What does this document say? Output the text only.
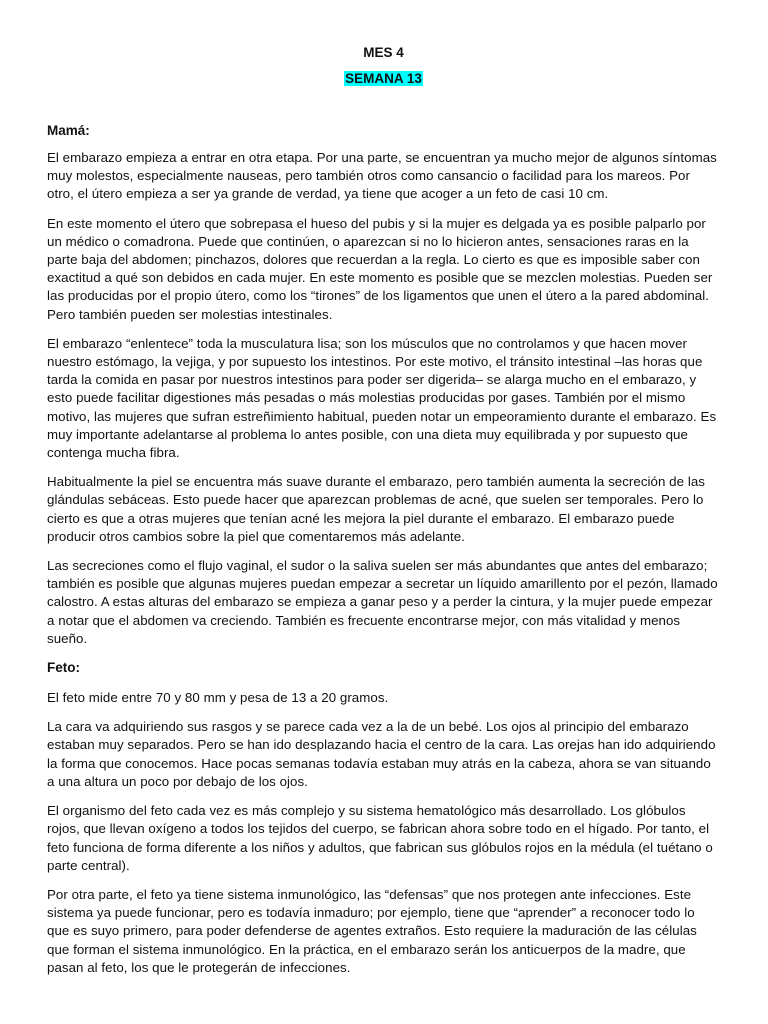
MES 4
SEMANA 13
Mamá:

El embarazo empieza a entrar en otra etapa. Por una parte, se encuentran ya mucho mejor de algunos síntomas muy molestos, especialmente nauseas, pero también otros como cansancio o facilidad para los mareos. Por otro, el útero empieza a ser ya grande de verdad, ya tiene que acoger a un feto de casi 10 cm.

En este momento el útero que sobrepasa el hueso del pubis y si la mujer es delgada ya es posible palparlo por un médico o comadrona. Puede que continúen, o aparezcan si no lo hicieron antes, sensaciones raras en la parte baja del abdomen; pinchazos, dolores que recuerdan a la regla. Lo cierto es que es imposible saber con exactitud a qué son debidos en cada mujer. En este momento es posible que se mezclen molestias. Pueden ser las producidas por el propio útero, como los “tirones” de los ligamentos que unen el útero a la pared abdominal. Pero también pueden ser molestias intestinales.

El embarazo “enlentece” toda la musculatura lisa; son los músculos que no controlamos y que hacen mover nuestro estómago, la vejiga, y por supuesto los intestinos. Por este motivo, el tránsito intestinal –las horas que tarda la comida en pasar por nuestros intestinos para poder ser digerida– se alarga mucho en el embarazo, y esto puede facilitar digestiones más pesadas o más molestias producidas por gases. También por el mismo motivo, las mujeres que sufran estreñimiento habitual, pueden notar un empeoramiento durante el embarazo. Es muy importante adelantarse al problema lo antes posible, con una dieta muy equilibrada y por supuesto que contenga mucha fibra.

Habitualmente la piel se encuentra más suave durante el embarazo, pero también aumenta la secreción de las glándulas sebáceas. Esto puede hacer que aparezcan problemas de acné, que suelen ser temporales. Pero lo cierto es que a otras mujeres que tenían acné les mejora la piel durante el embarazo. El embarazo puede producir otros cambios sobre la piel que comentaremos más adelante.

Las secreciones como el flujo vaginal, el sudor o la saliva suelen ser más abundantes que antes del embarazo; también es posible que algunas mujeres puedan empezar a secretar un líquido amarillento por el pezón, llamado calostro. A estas alturas del embarazo se empieza a ganar peso y a perder la cintura, y la mujer puede empezar a notar que el abdomen va creciendo. También es frecuente encontrarse mejor, con más vitalidad y menos sueño.

Feto:

El feto mide entre 70 y 80 mm y pesa de 13 a 20 gramos.

La cara va adquiriendo sus rasgos y se parece cada vez a la de un bebé. Los ojos al principio del embarazo estaban muy separados. Pero se han ido desplazando hacia el centro de la cara. Las orejas han ido adquiriendo la forma que conocemos. Hace pocas semanas todavía estaban muy atrás en la cabeza, ahora se van situando a una altura un poco por debajo de los ojos.

El organismo del feto cada vez es más complejo y su sistema hematológico más desarrollado. Los glóbulos rojos, que llevan oxígeno a todos los tejidos del cuerpo, se fabrican ahora sobre todo en el hígado. Por tanto, el feto funciona de forma diferente a los niños y adultos, que fabrican sus glóbulos rojos en la médula (el tuétano o parte central).

Por otra parte, el feto ya tiene sistema inmunológico, las “defensas” que nos protegen ante infecciones. Este sistema ya puede funcionar, pero es todavía inmaduro; por ejemplo, tiene que “aprender” a reconocer todo lo que es suyo primero, para poder defenderse de agentes extraños. Esto requiere la maduración de las células que forman el sistema inmunológico. En la práctica, en el embarazo serán los anticuerpos de la madre, que pasan al feto, los que le protegerán de infecciones.
